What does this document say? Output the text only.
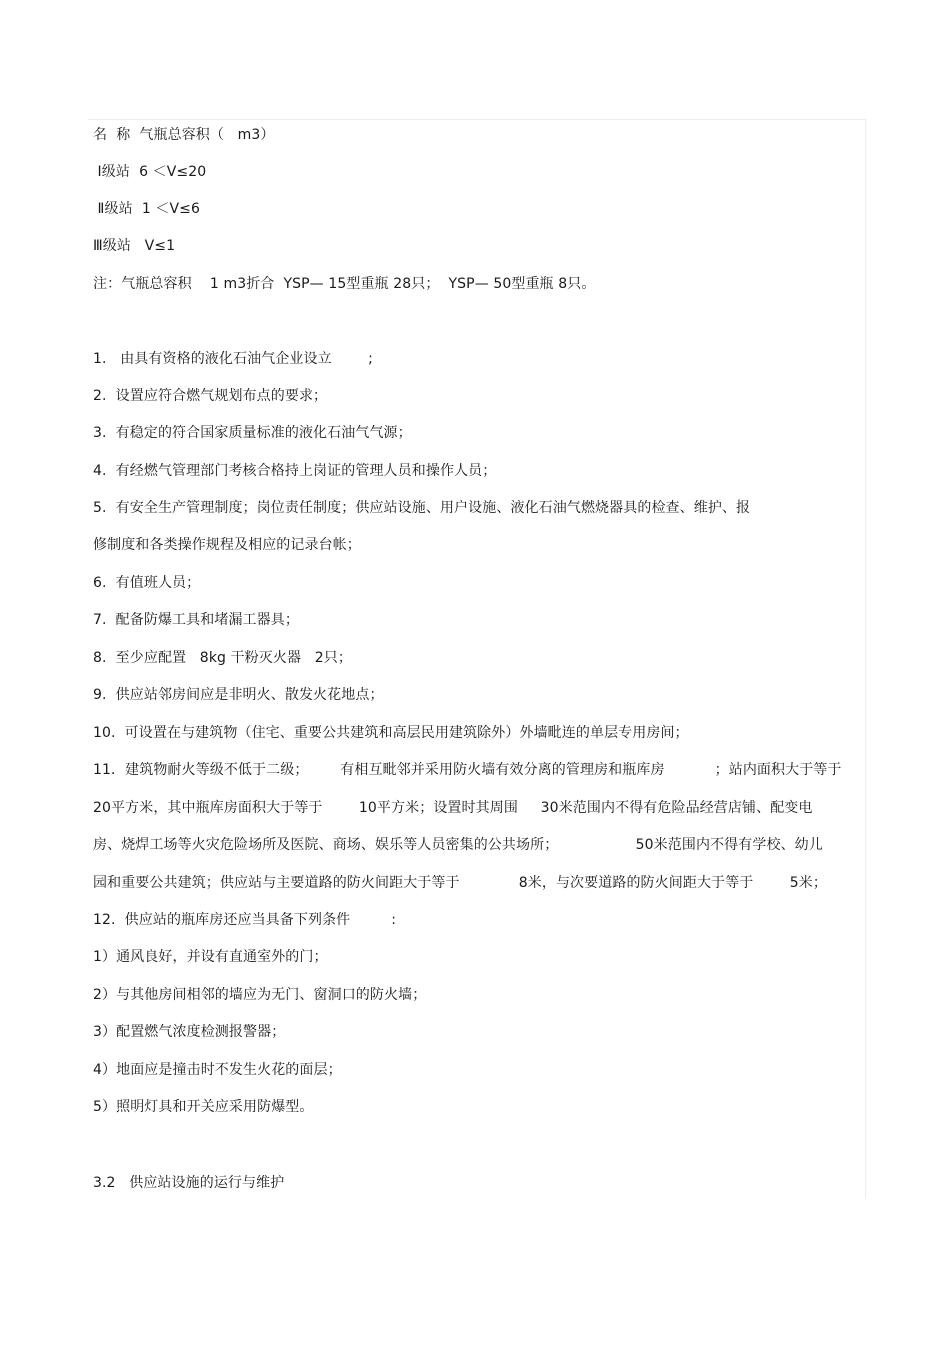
名  称  气瓶总容积（   m3）
Ⅰ级站  6 ＜V≤20
Ⅱ级站  1 ＜V≤6
Ⅲ级站   V≤1
注：气瓶总容积    1 m3折合  YSP— 15型重瓶 28只；  YSP— 50型重瓶 8只。
1.   由具有资格的液化石油气企业设立        ;
2.  设置应符合燃气规划布点的要求；
3.  有稳定的符合国家质量标准的液化石油气气源；
4.  有经燃气管理部门考核合格持上岗证的管理人员和操作人员；
5.  有安全生产管理制度；岗位责任制度；供应站设施、用户设施、液化石油气燃烧器具的检查、维护、报
修制度和各类操作规程及相应的记录台帐；
6.  有值班人员；
7.  配备防爆工具和堵漏工器具；
8.  至少应配置   8kg 干粉灭火器   2只；
9.  供应站邻房间应是非明火、散发火花地点；
10.  可设置在与建筑物（住宅、重要公共建筑和高层民用建筑除外）外墙毗连的单层专用房间；
11．建筑物耐火等级不低于二级；       有相互毗邻并采用防火墙有效分离的管理房和瓶库房           ；站内面积大于等于
20平方米，其中瓶库房面积大于等于        10平方米；设置时其周围     30米范围内不得有危险品经营店铺、配变电
房、烧焊工场等火灾危险场所及医院、商场、娱乐等人员密集的公共场所；                 50米范围内不得有学校、幼儿
园和重要公共建筑；供应站与主要道路的防火间距大于等于             8米，与次要道路的防火间距大于等于        5米；
12.  供应站的瓶库房还应当具备下列条件         :
1）通风良好，并设有直通室外的门；
2）与其他房间相邻的墙应为无门、窗洞口的防火墙；
3）配置燃气浓度检测报警器；
4）地面应是撞击时不发生火花的面层；
5）照明灯具和开关应采用防爆型。
3.2   供应站设施的运行与维护
